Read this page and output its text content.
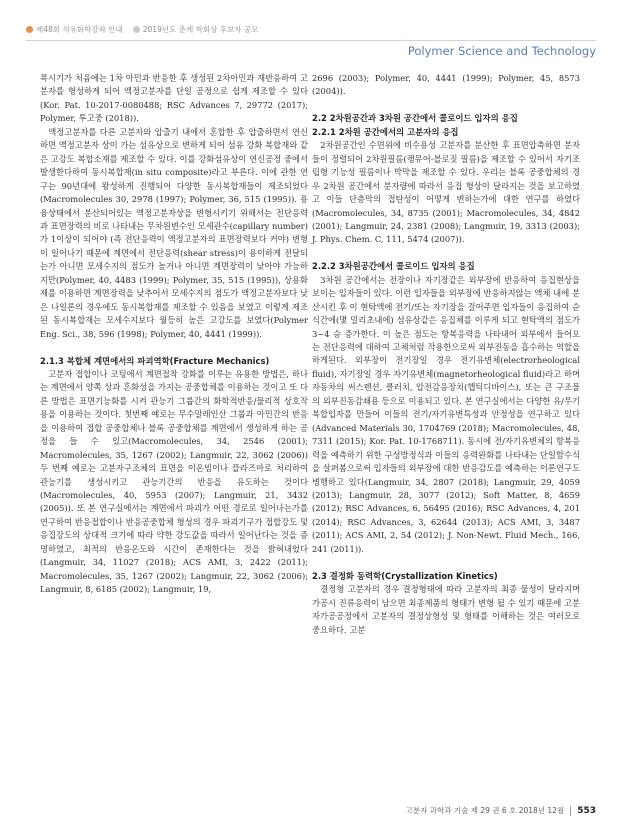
제48회 석유화학강좌 안내	2019년도 춘계 학회상 후보자 공모
Polymer Science and Technology

폭시기가 처음에는 1차 아민과 반응한 후 생성된 2차아민과 재반응하여 고분자를 형성하게 되어 액정고분자를 단일 공정으로 쉽게 제조할 수 있다(Kor. Pat. 10-2017-0080488; RSC Advances 7, 29772 (2017); Polymer, 투고중 (2018)).

액정고분자를 다른 고분자와 압출기 내에서 혼합한 후 압출하면서 연신하면 액정고분자 상이 가는 섬유상으로 변하게 되어 섬유 강화 복합재와 같은 고강도 복합소재를 제조할 수 있다. 이를 강화섬유상이 연신공정 중에서 발생한다하여 동시복합재(in situ composite)라고 부른다. 이에 관한 연구는 90년대에 왕성하게 진행되어 다양한 동시복합재들이 제조되었다(Macromolecules 30, 2978 (1997); Polymer, 36, 515 (1995)). 용융상태에서 분산되어있는 액정고분자상을 변형시키기 위해서는 전단응력과 표면장력의 비로 나타내는 무차원변수인 모세관수(capillary number)가 1이상이 되어야 (즉 전단응력이 액정고분자의 표면장력보다 커야) 변형이 일어나기 때문에 계면에서 전단응력(shear stress)이 용이하게 전달되는가 아니면 모세수지의 점도가 높거나 아니면 계면장력이 낮아야 가능하지만(Polymer, 40, 4483 (1999); Polymer, 35, 515 (1995)), 상용화제를 이용하면 계면장력을 낮추어서 모세수지의 점도가 액정고분자보다 낮은 나일론의 경우에도 동시복합재를 제조할 수 있음을 보였고 이렇게 제조된 동시복합재는 모세수지보다 월등히 높은 고강도를 보였다(Polymer Eng. Sci., 38, 596 (1998); Polymer, 40, 4441 (1999)).

2.1.3 복합체 계면에서의 파괴역학(Fracture Mechanics)

고분자 접합이나 코팅에서 계면접착 강화를 이루는 유용한 방법은, 하나는 계면에서 양쪽 상과 혼화성을 가지는 공중합체를 이용하는 것이고 또 다른 방법은 표면기능화를 시켜 관능기 그룹간의 화학적반응/물리적 상호작용을 이용하는 것이다. 첫번째 예로는 무수말레인산 그룹과 아민간의 반응을 이용하여 접합 공중합체나 블록 공중합체를 계면에서 생성하게 하는 공정을 들 수 있고(Macromolecules, 34, 2546 (2001); Macromolecules, 35, 1267 (2002); Langmuir, 22, 3062 (2006)) 두 번째 예로는 고분자구조체의 표면을 이온빔이나 플라즈마로 처리하여 관능기를 생성시키고 관능기간의 반응을 유도하는 것이다(Macromolecules, 40, 5953 (2007); Langmuir, 21, 3432 (2005)). 또 본 연구실에서는 계면에서 파괴가 어떤 경로로 일어나는가를 연구하여 반응접합이나 반응공중합체 형성의 경우 파괴기구가 접합강도 및 응집강도의 상대적 크기에 따라 약한 강도값을 따라서 일어난다는 것을 증명하였고, 최적의 반응온도와 시간이 존재한다는 것을 밝혀내었다(Langmuir, 34, 11027 (2018); ACS AMI, 3, 2422 (2011); Macromolecules, 35, 1267 (2002); Langmuir, 22, 3062 (2006); Langmuir, 8, 6185 (2002); Langmuir, 19,

2696 (2003); Polymer, 40, 4441 (1999); Polymer, 45, 8573 (2004)).

2.2 2차원공간과 3차원 공간에서 콜로이드 입자의 응집
2.2.1 2차원 공간에서의 고분자의 응집

2차원공간인 수면위에 비수용성 고분자를 분산한 후 표면압축하면 분자들이 정렬되어 2차원필름(랭뮤어-블로짓 필름)을 제조할 수 있어서 자기조립형 기능성 필름이나 박막을 제조할 수 있다. 우리는 블록 공중합체의 경우 2차원 공간에서 분자량에 따라서 응집 형상이 달라지는 것을 보고하였고 이들 단층막의 접탄성이 어떻게 변하는가에 대한 연구를 하였다(Macromolecules, 34, 8735 (2001); Macromolecules, 34, 4842 (2001); Langmuir, 24, 2381 (2008); Langmuir, 19, 3313 (2003); J. Phys. Chem. C, 111, 5474 (2007)).

2.2.2 3차원공간에서 콜로이드 입자의 응집

3차원 공간에서는 전장이나 자기장같은 외부장에 반응하여 응집현상을 보이는 입자들이 있다. 이런 입자들을 외부장에 반응하지않는 액체 내에 분산시킨 후 이 현탁액에 전기/또는 자기장을 걸어주면 입자들이 응집하여 순식간에(몇 밀리초내에) 섬유상같은 응집체를 이루게 되고 현탁액의 점도가 3~4 승 증가한다. 이 높은 점도는 항복응력을 나타내어 외부에서 들어오는 전단응력에 대하여 고체처럼 작용한으로써 외부진동을 흡수하는 역할을 하게된다. 외부장이 전기장일 경우 전기유변체(electrorheological fluid), 자기장일 경우 자기유변체(magnetorheological fluid)라고 하며 자동차의 써스펜션, 클러치, 압전감응장치(햅틱디바이스), 또는 큰 구조물의 외부진동감쇄용 등으로 이용되고 있다. 본 연구실에서는 다양한 유/무기복합입자를 만들어 이들의 전기/자기유변특성과 안정성을 연구하고 있다(Advanced Materials 30, 1704769 (2018); Macromolecules, 48, 7311 (2015); Kor. Pat. 10-1768711). 동시에 전/자기유변체의 항복응력을 예측하기 위한 구성방정식과 이들의 응력완화를 나타내는 단일함수식을 살펴봄으로써 입자들의 외부장에 대한 반응감도를 예측하는 이론연구도 병행하고 있다(Langmuir, 34, 2807 (2018); Langmuir, 29, 4059 (2013); Langmuir, 28, 3077 (2012); Soft Matter, 8, 4659 (2012); RSC Advances, 6, 56495 (2016); RSC Advances, 4, 201 (2014); RSC Advances, 3, 62644 (2013); ACS AMI, 3, 3487 (2011); ACS AMI, 2, 54 (2012); J. Non-Newt. Fluid Mech., 166, 241 (2011)).

2.3 결정화 동력학(Crystallization Kinetics)

결정형 고분자의 경우 결정형태에 따라 고분자의 최종 물성이 달라지며 가공시 진류응력이 남으면 최종제품의 형태가 변형 될 수 있기 때문에 고분자가공공정에서 고분자의 결정상형성 및 형태를 이해하는 것은 여러모로 중요하다. 고분

고분자 과학과 기술 제 29 권 6 호 2018년 12월 553
